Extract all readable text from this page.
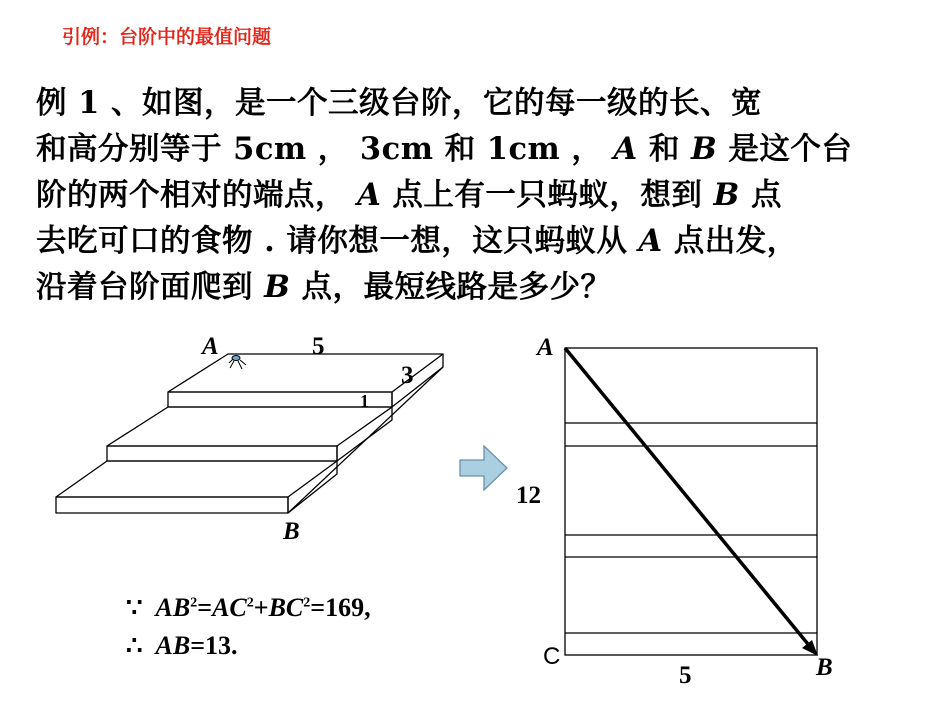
引例：台阶中的最值问题

例 1 、如图，是一个三级台阶，它的每一级的长、宽

和高分别等于 5cm ， 3cm 和 1cm ， A 和 B 是这个台

阶的两个相对的端点， A 点上有一只蚂蚁，想到 B 点

去吃可口的食物 . 请你想一想，这只蚂蚁从 A 点出发，

沿着台阶面爬到 B 点，最短线路是多少？

A	5
3
1
B
A
12
C	B
5
∵ $AB^2=AC^2+BC^2=169$,
∴ AB=13.
